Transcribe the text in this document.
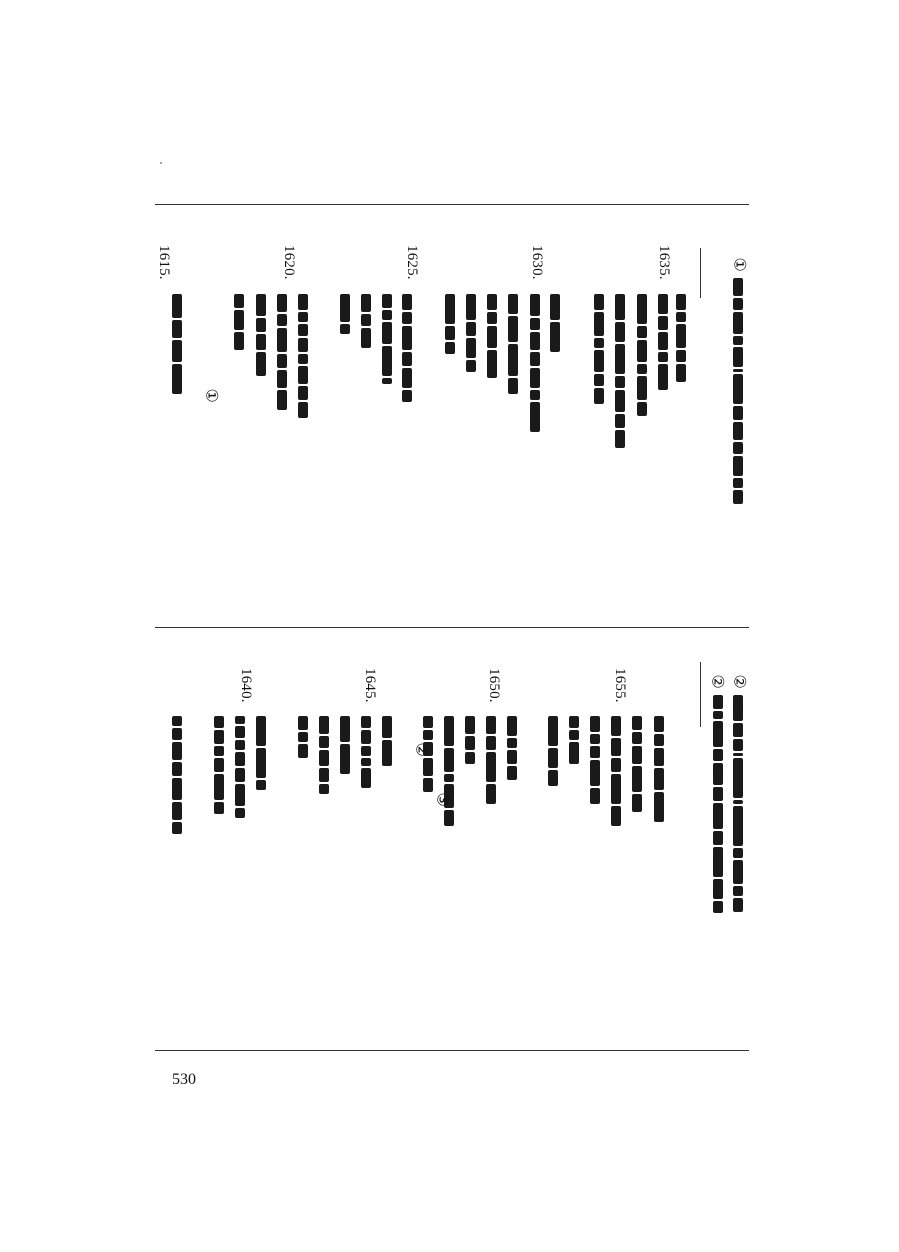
①
1635.
1630.
1625.
1620.
1615.
①
②
②
1655.
1650.
1645.
1640.
③
②
530
